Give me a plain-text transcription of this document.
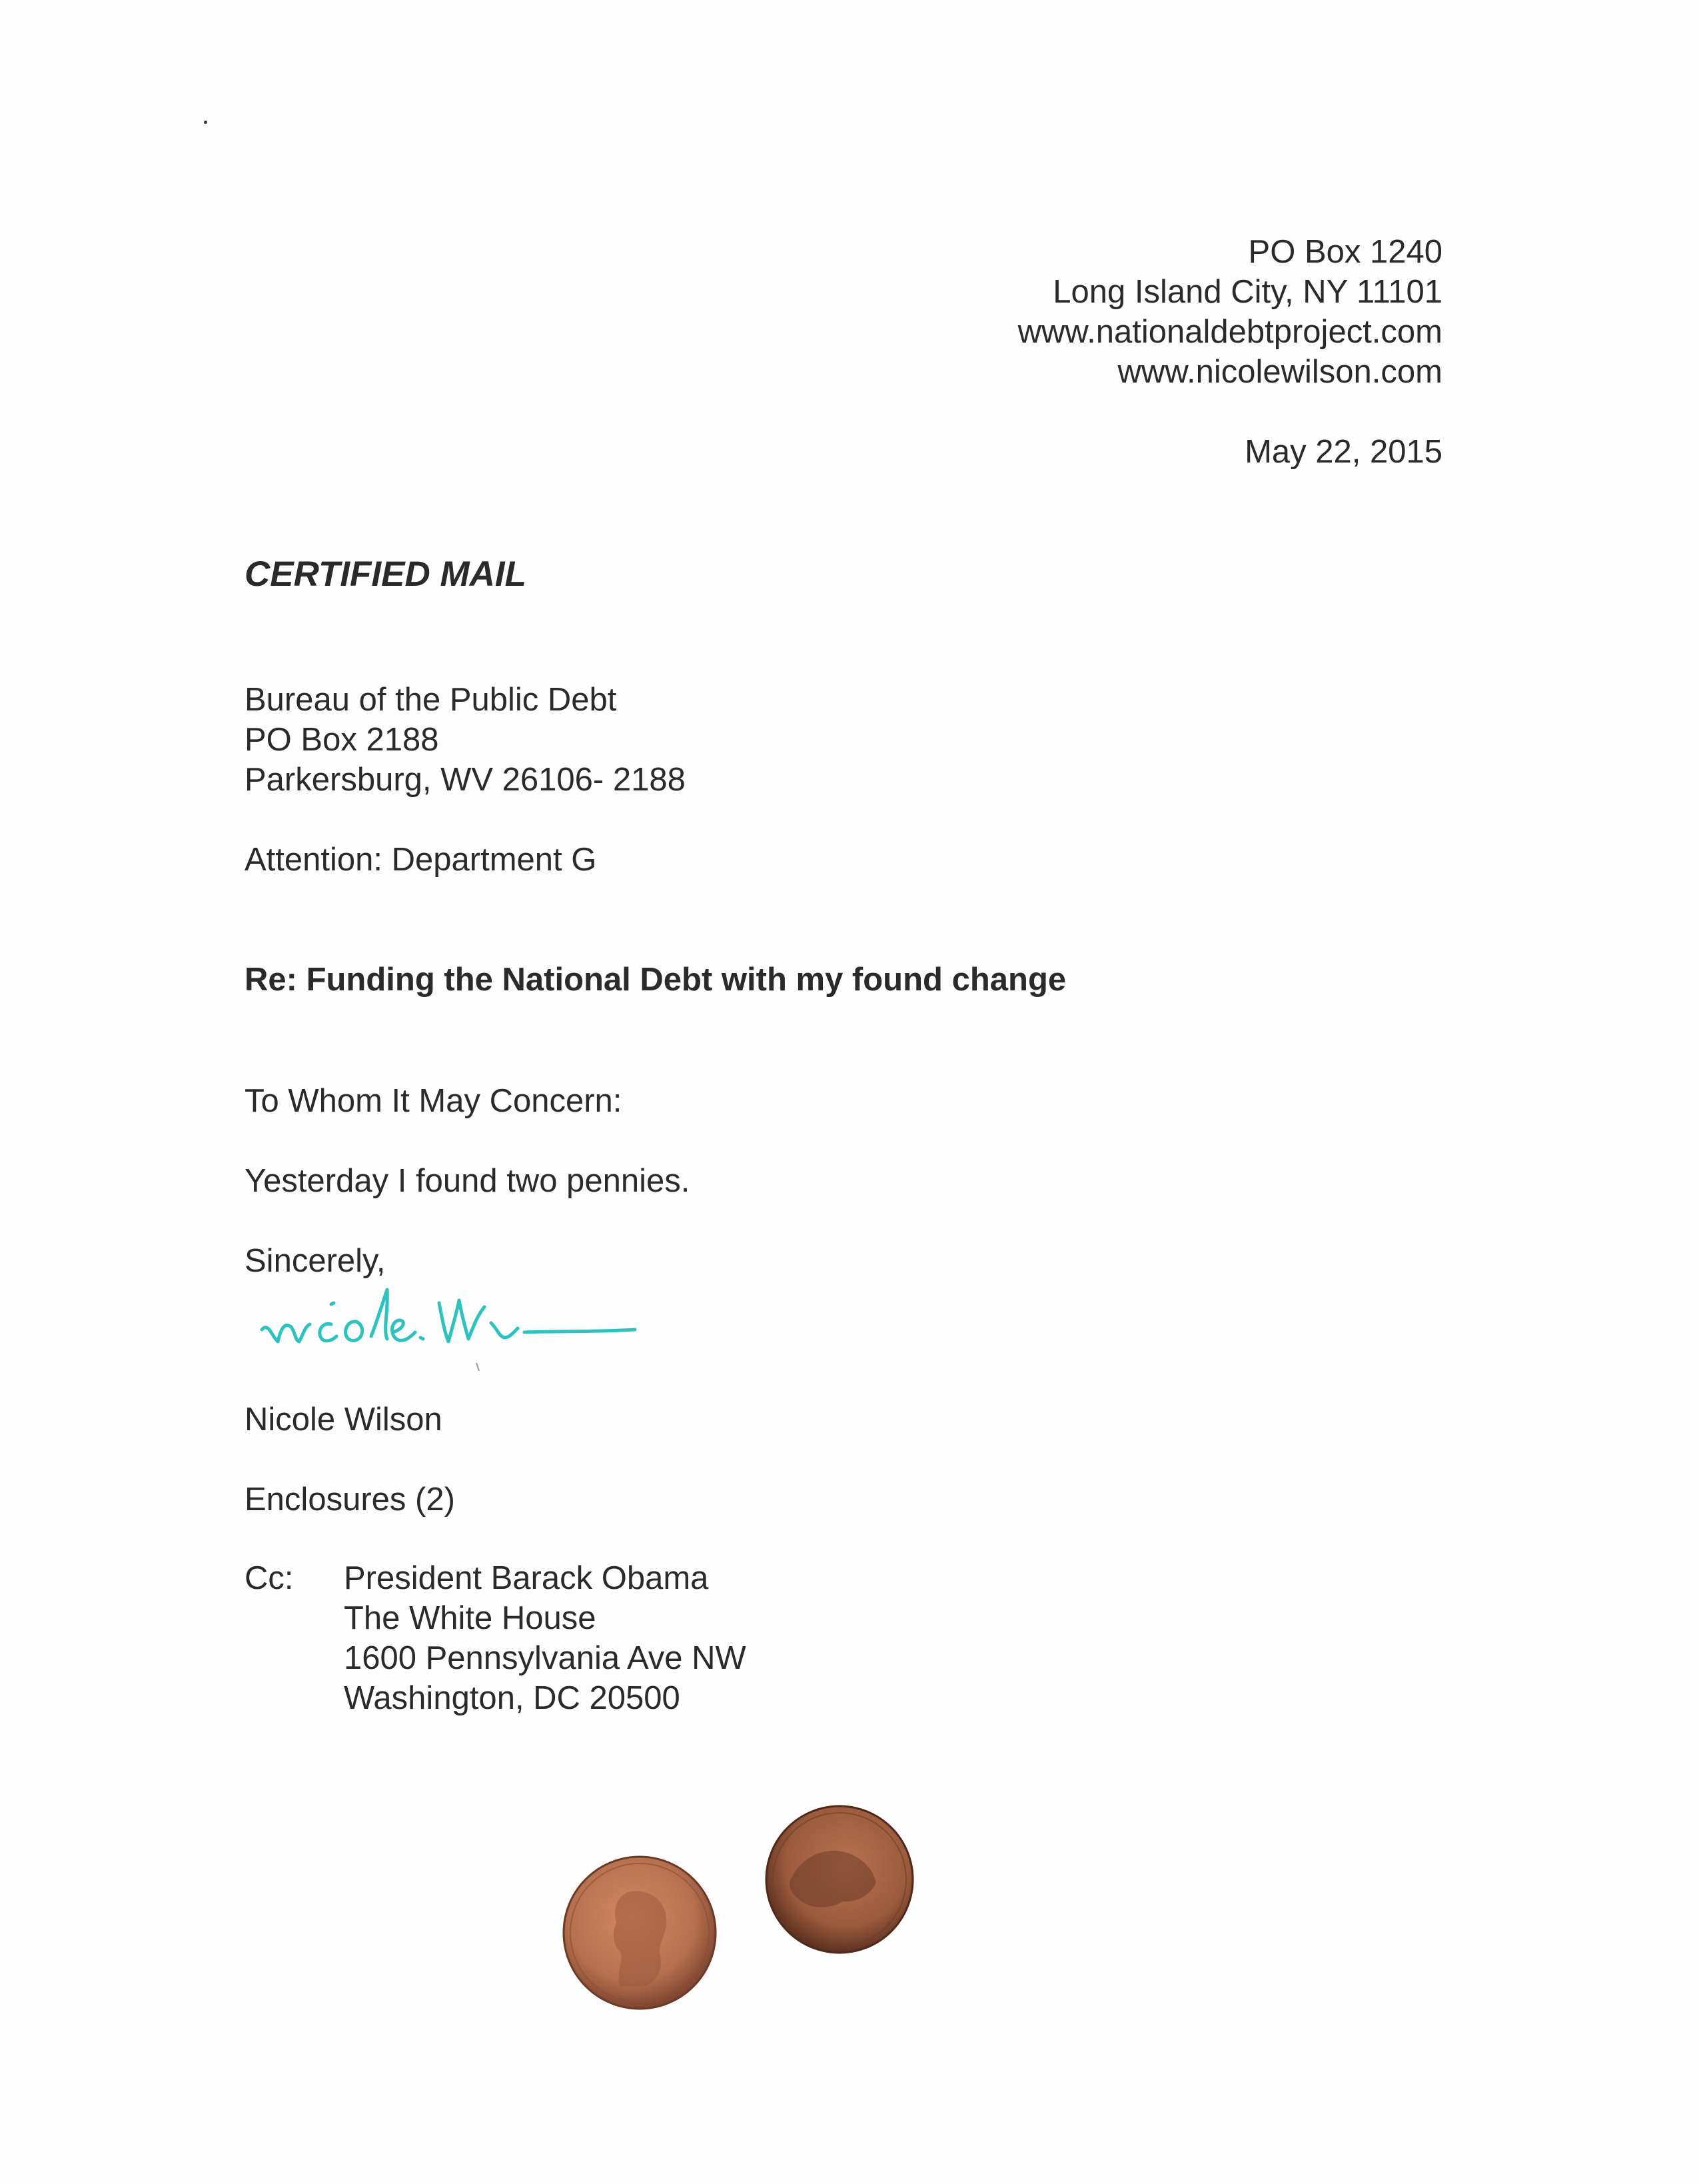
PO Box 1240
Long Island City, NY 11101
www.nationaldebtproject.com
www.nicolewilson.com
May 22, 2015
CERTIFIED MAIL
Bureau of the Public Debt
PO Box 2188
Parkersburg, WV 26106- 2188
Attention: Department G
Re: Funding the National Debt with my found change
To Whom It May Concern:
Yesterday I found two pennies.
Sincerely,
Nicole Wilson
Enclosures (2)
Cc: President Barack Obama
The White House
1600 Pennsylvania Ave NW
Washington, DC 20500
